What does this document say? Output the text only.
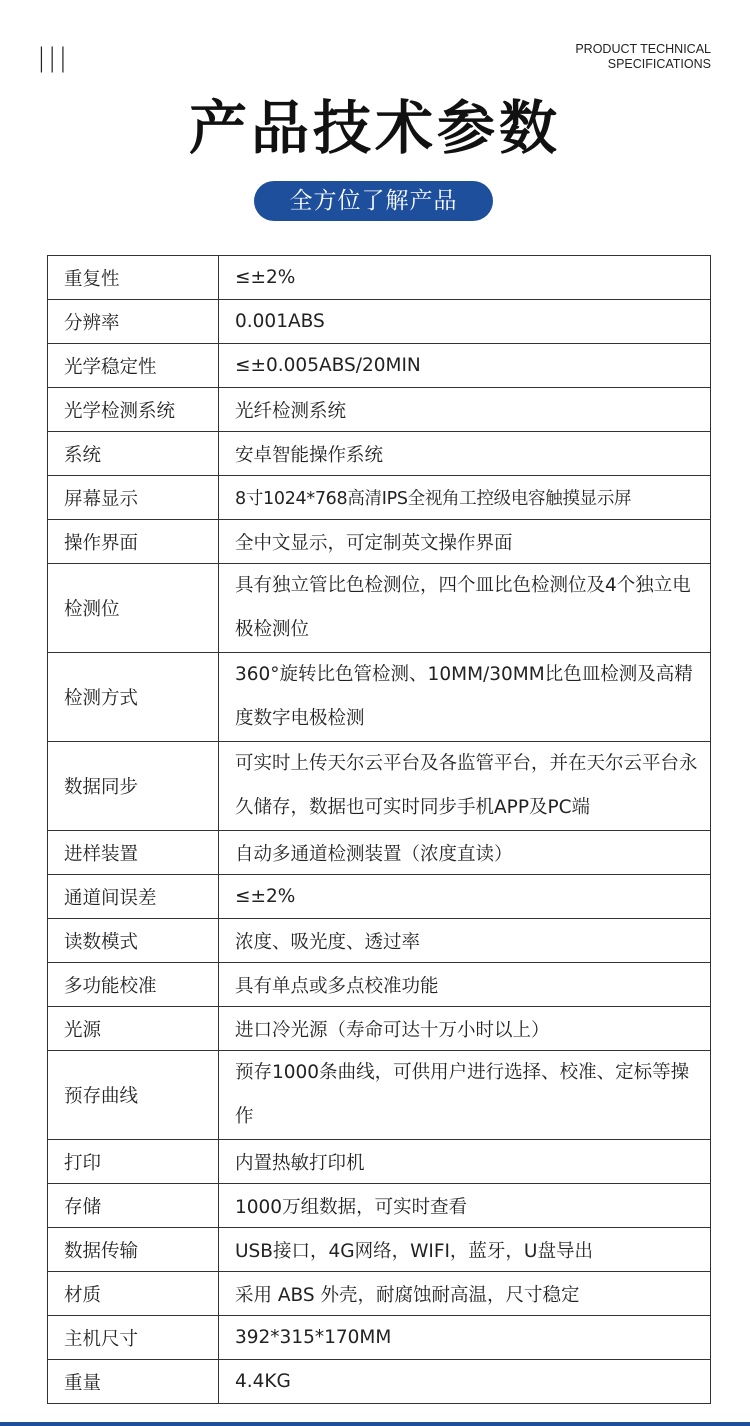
|||	PRODUCT TECHNICAL
SPECIFICATIONS
产品技术参数
全方位了解产品
重复性	≤±2%
分辨率	0.001ABS
光学稳定性	≤±0.005ABS/20MIN
光学检测系统	光纤检测系统
系统	安卓智能操作系统
屏幕显示	8寸1024*768高清IPS全视角工控级电容触摸显示屏
操作界面	全中文显示，可定制英文操作界面
检测位	具有独立管比色检测位，四个皿比色检测位及4个独立电极检测位
检测方式	360°旋转比色管检测、10MM/30MM比色皿检测及高精度数字电极检测
数据同步	可实时上传天尔云平台及各监管平台，并在天尔云平台永久储存，数据也可实时同步手机APP及PC端
进样装置	自动多通道检测装置（浓度直读）
通道间误差	≤±2%
读数模式	浓度、吸光度、透过率
多功能校准	具有单点或多点校准功能
光源	进口冷光源（寿命可达十万小时以上）
预存曲线	预存1000条曲线，可供用户进行选择、校准、定标等操作
打印	内置热敏打印机
存储	1000万组数据，可实时查看
数据传输	USB接口，4G网络，WIFI，蓝牙，U盘导出
材质	采用 ABS 外壳，耐腐蚀耐高温，尺寸稳定
主机尺寸	392*315*170MM
重量	4.4KG
